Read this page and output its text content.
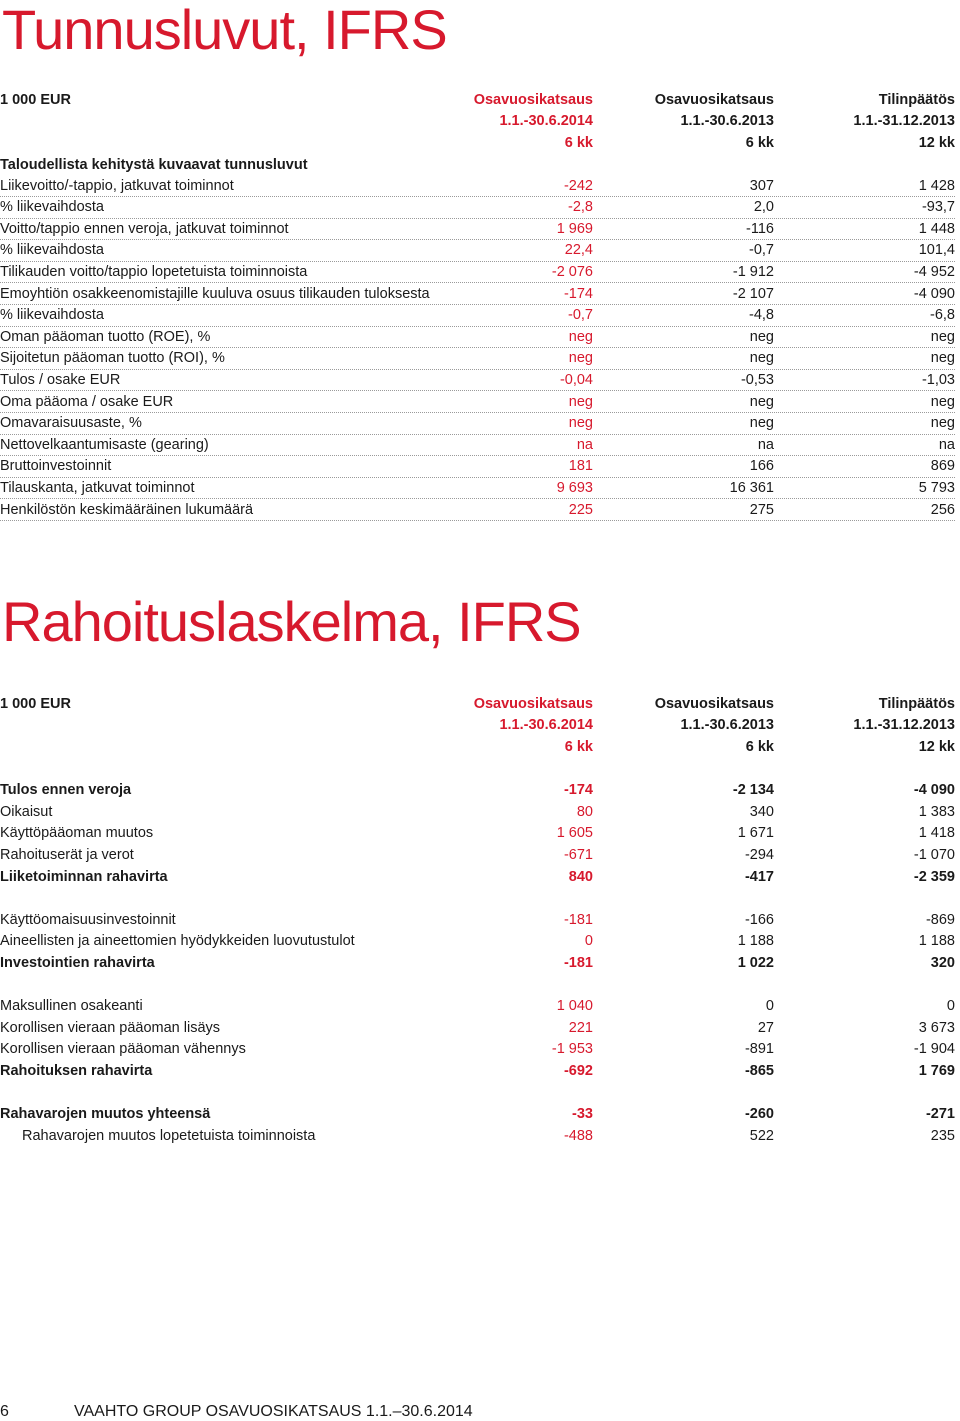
Tunnusluvut, IFRS
1 000 EUR	Osavuosikatsaus	Osavuosikatsaus	Tilinpäätös
1.1.-30.6.2014	1.1.-30.6.2013	1.1.-31.12.2013
6 kk	6 kk	12 kk
Taloudellista kehitystä kuvaavat tunnusluvut
Liikevoitto/-tappio, jatkuvat toiminnot	-242	307	1 428
% liikevaihdosta	-2,8	2,0	-93,7
Voitto/tappio ennen veroja, jatkuvat toiminnot	1 969	-116	1 448
% liikevaihdosta	22,4	-0,7	101,4
Tilikauden voitto/tappio lopetetuista toiminnoista	-2 076	-1 912	-4 952
Emoyhtiön osakkeenomistajille kuuluva osuus tilikauden tuloksesta	-174	-2 107	-4 090
% liikevaihdosta	-0,7	-4,8	-6,8
Oman pääoman tuotto (ROE), %	neg	neg	neg
Sijoitetun pääoman tuotto (ROI), %	neg	neg	neg
Tulos / osake EUR	-0,04	-0,53	-1,03
Oma pääoma / osake EUR	neg	neg	neg
Omavaraisuusaste, %	neg	neg	neg
Nettovelkaantumisaste (gearing)	na	na	na
Bruttoinvestoinnit	181	166	869
Tilauskanta, jatkuvat toiminnot	9 693	16 361	5 793
Henkilöstön keskimääräinen lukumäärä	225	275	256
Rahoituslaskelma, IFRS
1 000 EUR	Osavuosikatsaus	Osavuosikatsaus	Tilinpäätös
1.1.-30.6.2014	1.1.-30.6.2013	1.1.-31.12.2013
6 kk	6 kk	12 kk
Tulos ennen veroja	-174	-2 134	-4 090
Oikaisut	80	340	1 383
Käyttöpääoman muutos	1 605	1 671	1 418
Rahoituserät ja verot	-671	-294	-1 070
Liiketoiminnan rahavirta	840	-417	-2 359
Käyttöomaisuusinvestoinnit	-181	-166	-869
Aineellisten ja aineettomien hyödykkeiden luovutustulot	0	1 188	1 188
Investointien rahavirta	-181	1 022	320
Maksullinen osakeanti	1 040	0	0
Korollisen vieraan pääoman lisäys	221	27	3 673
Korollisen vieraan pääoman vähennys	-1 953	-891	-1 904
Rahoituksen rahavirta	-692	-865	1 769
Rahavarojen muutos yhteensä	-33	-260	-271
Rahavarojen muutos lopetetuista toiminnoista	-488	522	235
6	VAAHTO GROUP OSAVUOSIKATSAUS 1.1.–30.6.2014
